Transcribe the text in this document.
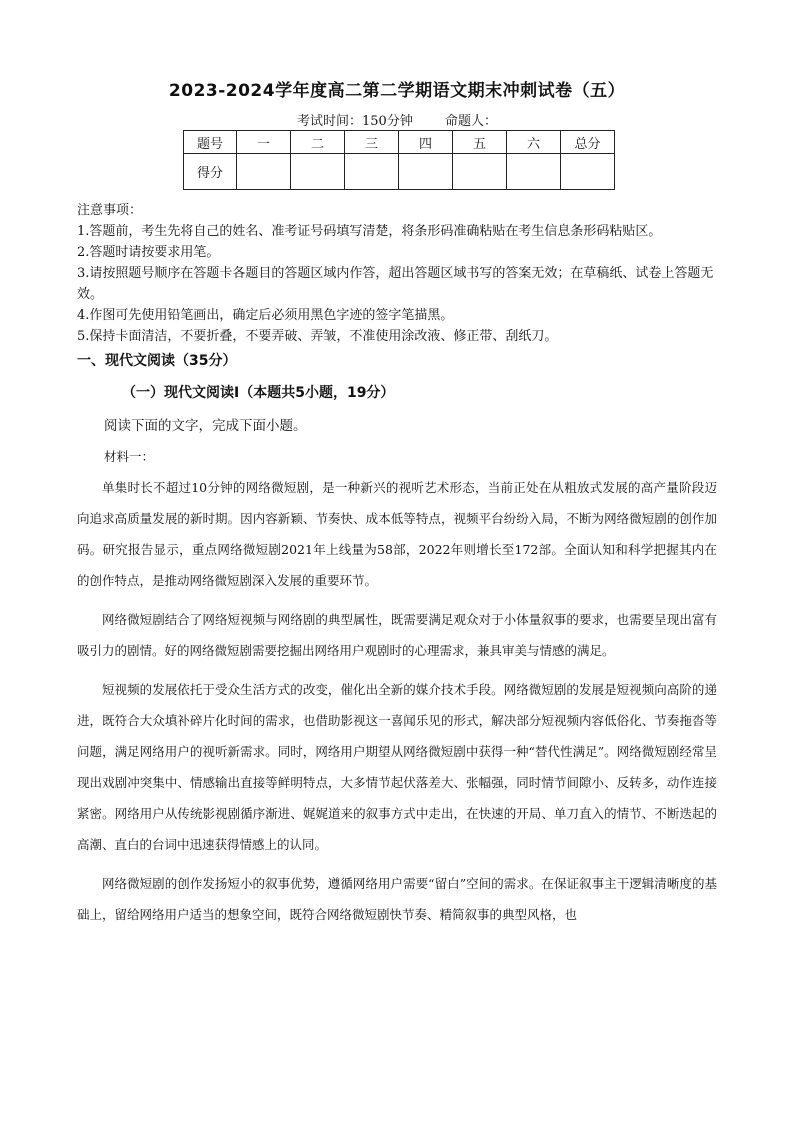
2023-2024学年度高二第二学期语文期末冲刺试卷（五）
考试时间：150分钟 命题人：
题号	一	二	三	四	五	六	总分
得分							

注意事项：

1.答题前，考生先将自己的姓名、准考证号码填写清楚，将条形码准确粘贴在考生信息条形码粘贴区。

2.答题时请按要求用笔。

3.请按照题号顺序在答题卡各题目的答题区域内作答，超出答题区域书写的答案无效；在草稿纸、试卷上答题无效。

4.作图可先使用铅笔画出，确定后必须用黑色字迹的签字笔描黑。

5.保持卡面清洁，不要折叠，不要弄破、弄皱，不准使用涂改液、修正带、刮纸刀。

一、现代文阅读（35分）
（一）现代文阅读Ⅰ（本题共5小题，19分）
阅读下面的文字，完成下面小题。
材料一：

单集时长不超过10分钟的网络微短剧，是一种新兴的视听艺术形态，当前正处在从粗放式发展的高产量阶段迈向追求高质量发展的新时期。因内容新颖、节奏快、成本低等特点，视频平台纷纷入局，不断为网络微短剧的创作加码。研究报告显示，重点网络微短剧2021年上线量为58部，2022年则增长至172部。全面认知和科学把握其内在的创作特点，是推动网络微短剧深入发展的重要环节。

网络微短剧结合了网络短视频与网络剧的典型属性，既需要满足观众对于小体量叙事的要求，也需要呈现出富有吸引力的剧情。好的网络微短剧需要挖掘出网络用户观剧时的心理需求，兼具审美与情感的满足。

短视频的发展依托于受众生活方式的改变，催化出全新的媒介技术手段。网络微短剧的发展是短视频向高阶的递进，既符合大众填补碎片化时间的需求，也借助影视这一喜闻乐见的形式，解决部分短视频内容低俗化、节奏拖沓等问题，满足网络用户的视听新需求。同时，网络用户期望从网络微短剧中获得一种“替代性满足”。网络微短剧经常呈现出戏剧冲突集中、情感输出直接等鲜明特点，大多情节起伏落差大、张幅强，同时情节间隙小、反转多，动作连接紧密。网络用户从传统影视剧循序渐进、娓娓道来的叙事方式中走出，在快速的开局、单刀直入的情节、不断迭起的高潮、直白的台词中迅速获得情感上的认同。

网络微短剧的创作发扬短小的叙事优势，遵循网络用户需要“留白”空间的需求。在保证叙事主干逻辑清晰度的基础上，留给网络用户适当的想象空间，既符合网络微短剧快节奏、精简叙事的典型风格，也
